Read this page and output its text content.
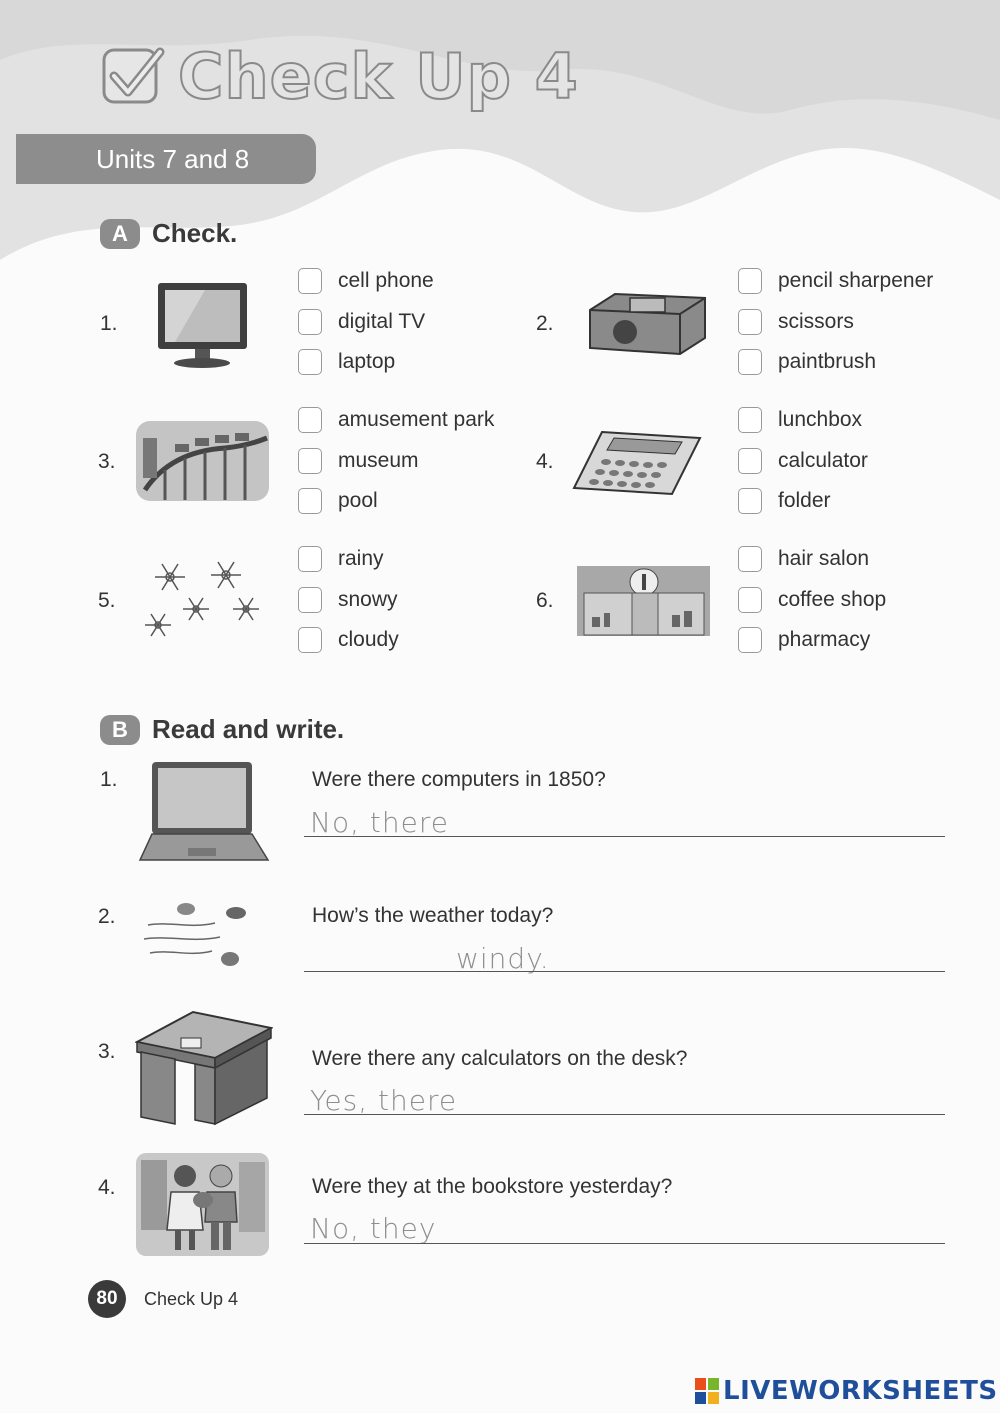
Check Up 4
Units 7 and 8
A Check.
1.
cell phone
digital TV
laptop
2.
pencil sharpener
scissors
paintbrush
3.
amusement park
museum
pool
4.
lunchbox
calculator
folder
5.
rainy
snowy
cloudy
6.
hair salon
coffee shop
pharmacy
B Read and write.
1.	Were there computers in 1850?
No, there
2.	How’s the weather today?
windy.
3.	Were there any calculators on the desk?
Yes, there
4.	Were they at the bookstore yesterday?
No, they
80	Check Up 4
LIVEWORKSHEETS
